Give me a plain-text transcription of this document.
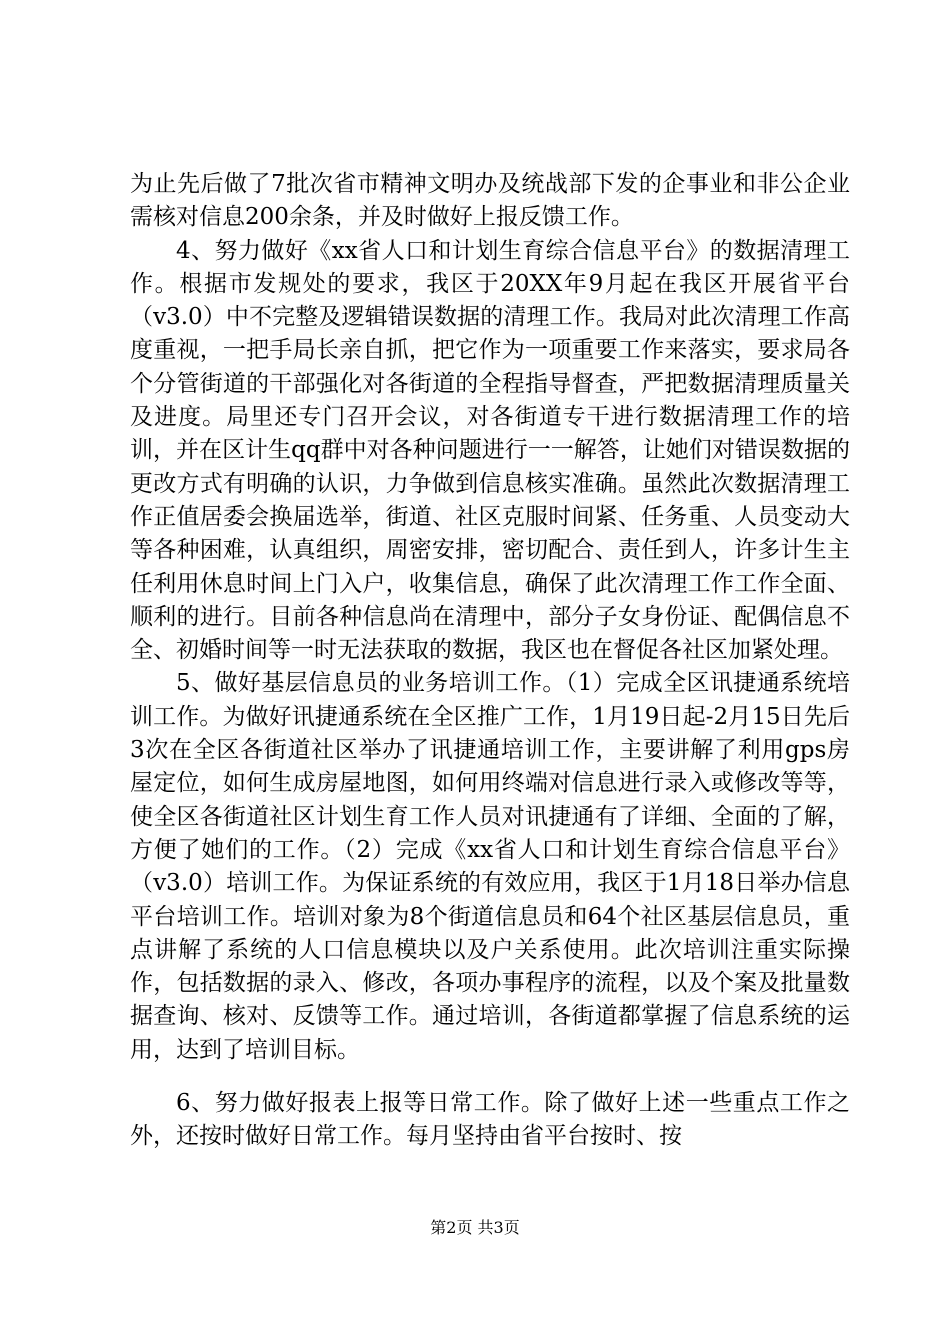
为止先后做了7批次省市精神文明办及统战部下发的企事业和非公企业需核对信息200余条，并及时做好上报反馈工作。

4、努力做好《xx省人口和计划生育综合信息平台》的数据清理工作。根据市发规处的要求，我区于20XX年9月起在我区开展省平台（v3.0）中不完整及逻辑错误数据的清理工作。我局对此次清理工作高度重视，一把手局长亲自抓，把它作为一项重要工作来落实，要求局各个分管街道的干部强化对各街道的全程指导督查，严把数据清理质量关及进度。局里还专门召开会议，对各街道专干进行数据清理工作的培训，并在区计生qq群中对各种问题进行一一解答，让她们对错误数据的更改方式有明确的认识，力争做到信息核实准确。虽然此次数据清理工作正值居委会换届选举，街道、社区克服时间紧、任务重、人员变动大等各种困难，认真组织，周密安排，密切配合、责任到人，许多计生主任利用休息时间上门入户，收集信息，确保了此次清理工作工作全面、顺利的进行。目前各种信息尚在清理中，部分子女身份证、配偶信息不全、初婚时间等一时无法获取的数据，我区也在督促各社区加紧处理。

5、做好基层信息员的业务培训工作。（1）完成全区讯捷通系统培训工作。为做好讯捷通系统在全区推广工作，1月19日起-2月15日先后3次在全区各街道社区举办了讯捷通培训工作，主要讲解了利用gps房屋定位，如何生成房屋地图，如何用终端对信息进行录入或修改等等，使全区各街道社区计划生育工作人员对讯捷通有了详细、全面的了解，方便了她们的工作。（2）完成《xx省人口和计划生育综合信息平台》（v3.0）培训工作。为保证系统的有效应用，我区于1月18日举办信息平台培训工作。培训对象为8个街道信息员和64个社区基层信息员，重点讲解了系统的人口信息模块以及户关系使用。此次培训注重实际操作，包括数据的录入、修改，各项办事程序的流程，以及个案及批量数据查询、核对、反馈等工作。通过培训，各街道都掌握了信息系统的运用，达到了培训目标。

6、努力做好报表上报等日常工作。除了做好上述一些重点工作之外，还按时做好日常工作。每月坚持由省平台按时、按

第2页 共3页
